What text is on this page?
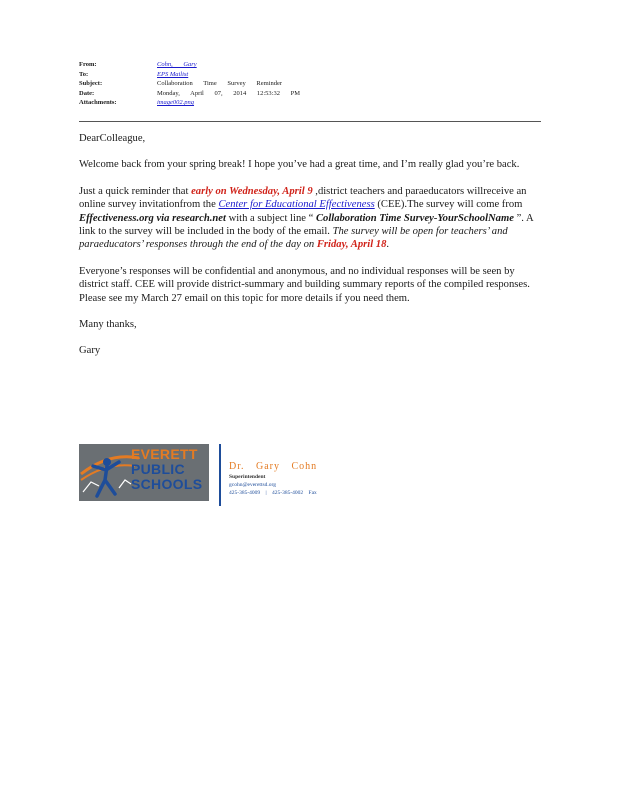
From:	Cohn, Gary
To:	EPS Mailist
Subject:	Collaboration Time Survey Reminder
Date:	Monday, April 07, 2014 12:53:32 PM
Attachments:	image002.png

DearColleague,

Welcome back from your spring break! I hope you’ve had a great time, and I’m really glad you’re back.

Just a quick reminder that early on Wednesday, April 9 ,district teachers and paraeducators willreceive an online survey invitationfrom the Center for Educational Effectiveness (CEE).The survey will come from Effectiveness.org via research.net with a subject line “ Collaboration Time Survey-YourSchoolName ”. A link to the survey will be included in the body of the email. The survey will be open for teachers’ and paraeducators’ responses through the end of the day on Friday, April 18.

Everyone’s responses will be confidential and anonymous, and no individual responses will be seen by district staff. CEE will provide district-summary and building summary reports of the compiled responses. Please see my March 27 email on this topic for more details if you need them.

Many thanks,

Gary

EVERETT
PUBLIC
SCHOOLS
Dr. Gary Cohn
Superintendent
gcohn@everettsd.org
425-385-4009 | 425-385-4002 Fax
